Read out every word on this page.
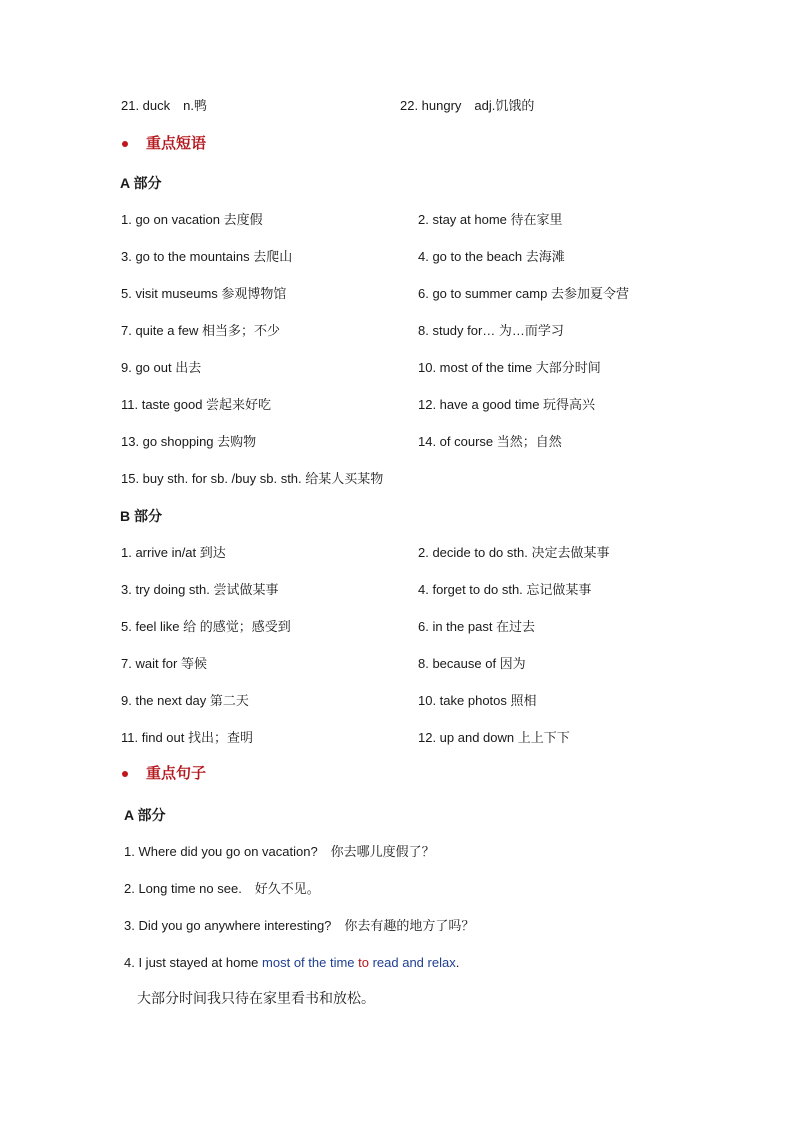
21. duck　n.鸭	22. hungry　adj.饥饿的
重点短语
A 部分
1. go on vacation 去度假	2. stay at home 待在家里
3. go to the mountains 去爬山	4. go to the beach 去海滩
5. visit museums 参观博物馆	6. go to summer camp 去参加夏令营
7. quite a few 相当多；不少	8. study for… 为…而学习
9. go out 出去	10. most of the time 大部分时间
11. taste good 尝起来好吃	12. have a good time 玩得高兴
13. go shopping 去购物	14. of course 当然；自然
15. buy sth. for sb. /buy sb. sth. 给某人买某物
B 部分
1. arrive in/at 到达	2. decide to do sth. 决定去做某事
3. try doing sth. 尝试做某事	4. forget to do sth. 忘记做某事
5. feel like 给 的感觉；感受到	6. in the past 在过去
7. wait for 等候	8. because of 因为
9. the next day 第二天	10. take photos 照相
11. find out 找出；查明	12. up and down 上上下下
重点句子
A 部分
1. Where did you go on vacation?　你去哪儿度假了？
2. Long time no see.　好久不见。
3. Did you go anywhere interesting?　你去有趣的地方了吗？
4. I just stayed at home most of the time to read and relax.
大部分时间我只待在家里看书和放松。
